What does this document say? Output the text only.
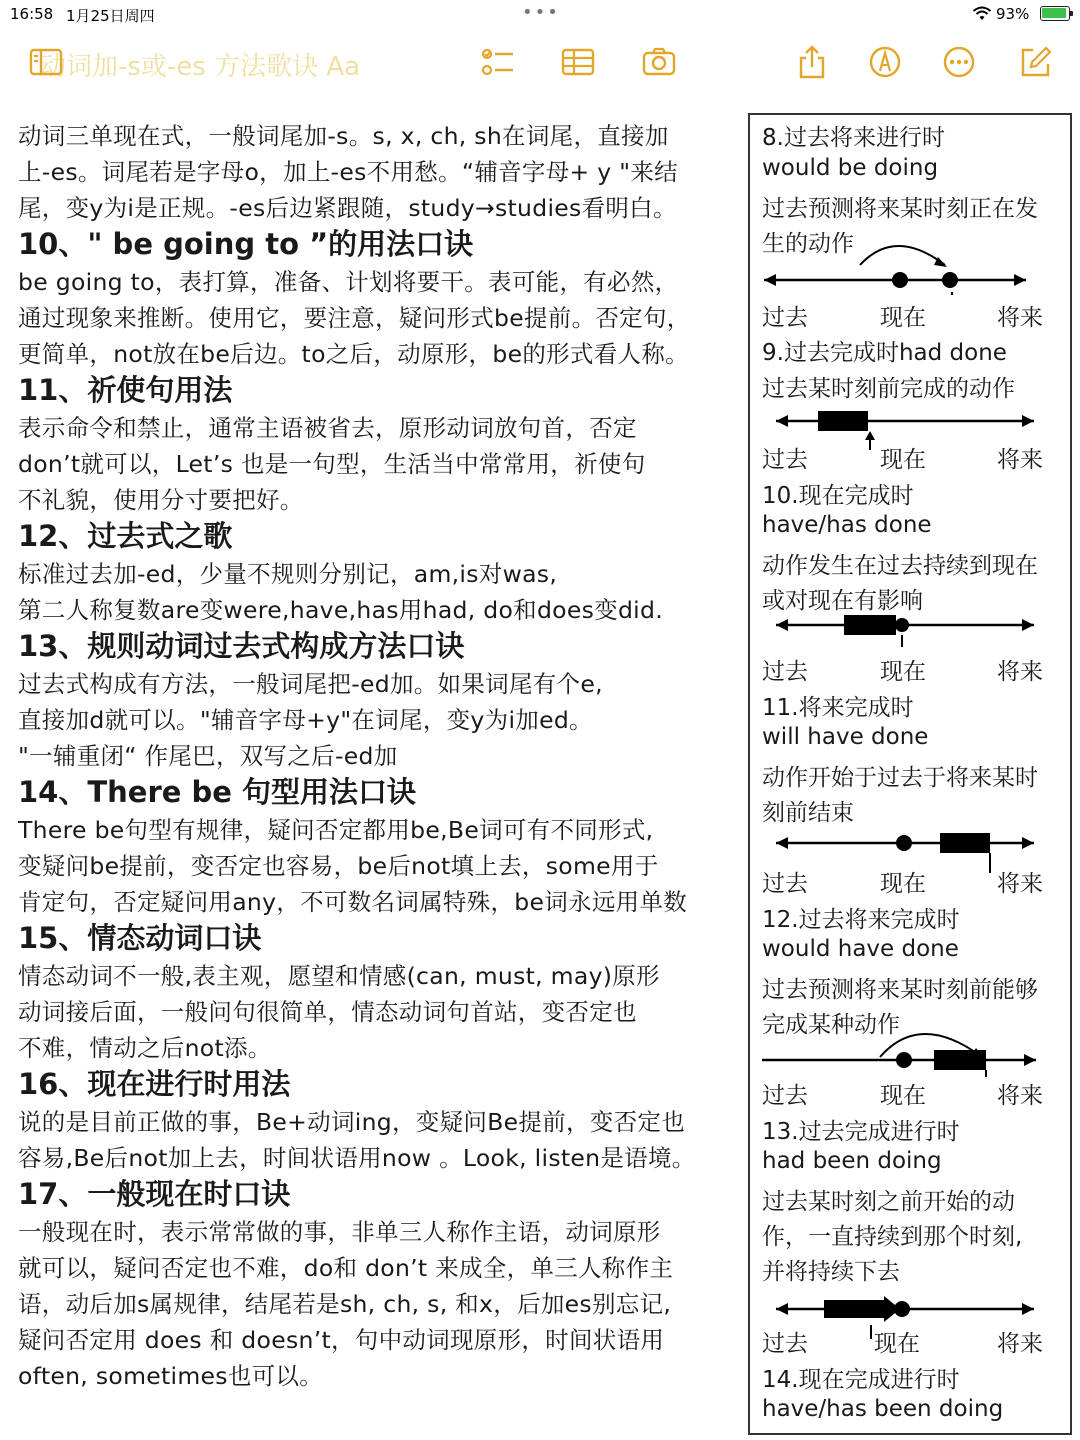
16:58 1月25日周四	•••	93%
动词加-s或-es 方法歌诀 Aa
动词三单现在式，一般词尾加-s。s, x, ch, sh在词尾，直接加
上-es。词尾若是字母o，加上-es不用愁。“辅音字母+ y "来结
尾，变y为i是正规。-es后边紧跟随，study→studies看明白。
10、" be going to ”的用法口诀
be going to，表打算，准备、计划将要干。表可能，有必然，
通过现象来推断。使用它，要注意，疑问形式be提前。否定句，
更简单，not放在be后边。to之后，动原形，be的形式看人称。
11、祈使句用法
表示命令和禁止，通常主语被省去，原形动词放句首，否定
don’t就可以，Let’s 也是一句型，生活当中常常用，祈使句
不礼貌，使用分寸要把好。
12、过去式之歌
标准过去加-ed，少量不规则分别记，am,is对was,
第二人称复数are变were,have,has用had, do和does变did.
13、规则动词过去式构成方法口诀
过去式构成有方法，一般词尾把-ed加。如果词尾有个e,
直接加d就可以。"辅音字母+y"在词尾，变y为i加ed。
"一辅重闭“ 作尾巴，双写之后-ed加
14、There be 句型用法口诀
There be句型有规律，疑问否定都用be,Be词可有不同形式,
变疑问be提前，变否定也容易，be后not填上去，some用于
肯定句，否定疑问用any，不可数名词属特殊，be词永远用单数
15、情态动词口诀
情态动词不一般,表主观，愿望和情感(can, must, may)原形
动词接后面，一般问句很简单，情态动词句首站，变否定也
不难，情动之后not添。
16、现在进行时用法
说的是目前正做的事，Be+动词ing，变疑问Be提前，变否定也
容易,Be后not加上去，时间状语用now 。Look, listen是语境。
17、一般现在时口诀
一般现在时，表示常常做的事，非单三人称作主语，动词原形
就可以，疑问否定也不难，do和 don’t 来成全，单三人称作主
语，动后加s属规律，结尾若是sh, ch, s, 和x，后加es别忘记,
疑问否定用 does 和 doesn’t，句中动词现原形，时间状语用
often, sometimes也可以。
8.过去将来进行时
would be doing
过去预测将来某时刻正在发
生的动作
过去	现在	将来
9.过去完成时had done
过去某时刻前完成的动作
过去	现在	将来
10.现在完成时
have/has done
动作发生在过去持续到现在
或对现在有影响
过去	现在	将来
11.将来完成时
will have done
动作开始于过去于将来某时
刻前结束
过去	现在	将来
12.过去将来完成时
would have done
过去预测将来某时刻前能够
完成某种动作
过去	现在	将来
13.过去完成进行时
had been doing
过去某时刻之前开始的动
作，一直持续到那个时刻,
并将持续下去
过去	现在	将来
14.现在完成进行时
have/has been doing
